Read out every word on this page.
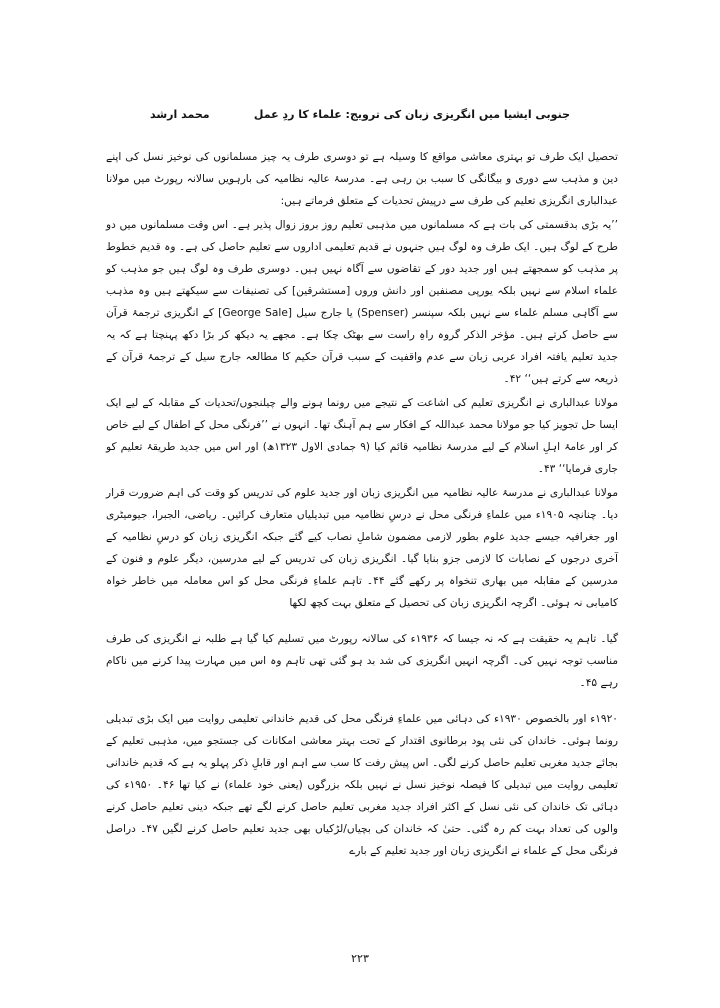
جنوبی ایشیا میں انگریزی زبان کی ترویج: علماء کا ردِ عمل
محمد ارشد

تحصیل ایک طرف تو بہتری معاشی مواقع کا وسیلہ ہے تو دوسری طرف یہ چیز مسلمانوں کی نوخیز نسل کی اپنے دین و مذہب سے دوری و بیگانگی کا سبب بن رہی ہے۔ مدرسۂ عالیہ نظامیہ کی بارہویں سالانہ رپورٹ میں مولانا عبدالباری انگریزی تعلیم کی طرف سے درپیش تحدیات کے متعلق فرماتے ہیں:

’’یہ بڑی بدقسمتی کی بات ہے کہ مسلمانوں میں مذہبی تعلیم روز بروز زوال پذیر ہے۔ اس وقت مسلمانوں میں دو طرح کے لوگ ہیں۔ ایک طرف وہ لوگ ہیں جنہوں نے قدیم تعلیمی اداروں سے تعلیم حاصل کی ہے۔ وہ قدیم خطوط پر مذہب کو سمجھتے ہیں اور جدید دور کے تقاضوں سے آگاہ نہیں ہیں۔ دوسری طرف وہ لوگ ہیں جو مذہب کو علماء اسلام سے نہیں بلکہ یورپی مصنفین اور دانش وروں [مستشرقین] کی تصنیفات سے سیکھتے ہیں وہ مذہب سے آگاہی مسلم علماء سے نہیں بلکہ سپنسر (Spenser) یا جارج سیل [George Sale] کے انگریزی ترجمۂ قرآن سے حاصل کرتے ہیں۔ مؤخر الذکر گروہ راہِ راست سے بھٹک چکا ہے۔ مجھے یہ دیکھ کر بڑا دکھ پہنچتا ہے کہ یہ جدید تعلیم یافتہ افراد عربی زبان سے عدم واقفیت کے سبب قرآن حکیم کا مطالعہ جارج سیل کے ترجمۂ قرآن کے ذریعہ سے کرتے ہیں‘‘ ۴۲۔

مولانا عبدالباری نے انگریزی تعلیم کی اشاعت کے نتیجے میں رونما ہونے والے چیلنجوں/تحدیات کے مقابلہ کے لیے ایک ایسا حل تجویز کیا جو مولانا محمد عبداللہ کے افکار سے ہم آہنگ تھا۔ انہوں نے ’’فرنگی محل کے اطفال کے لیے خاص کر اور عامۂ اہلِ اسلام کے لیے مدرسۂ نظامیہ قائم کیا (۹ جمادی الاول ۱۳۲۳ھ) اور اس میں جدید طریقۂ تعلیم کو جاری فرمایا‘‘ ۴۳۔

مولانا عبدالباری نے مدرسۂ عالیہ نظامیہ میں انگریزی زبان اور جدید علوم کی تدریس کو وقت کی اہم ضرورت قرار دیا۔ چنانچہ ۱۹۰۵ء میں علماءِ فرنگی محل نے درسِ نظامیہ میں تبدیلیاں متعارف کرائیں۔ ریاضی، الجبرا، جیومیٹری اور جغرافیہ جیسے جدید علوم بطور لازمی مضمون شاملِ نصاب کیے گئے جبکہ انگریزی زبان کو درسِ نظامیہ کے آخری درجوں کے نصابات کا لازمی جزو بنایا گیا۔ انگریزی زبان کی تدریس کے لیے مدرسین، دیگر علوم و فنون کے مدرسین کے مقابلہ میں بھاری تنخواہ پر رکھے گئے ۴۴۔ تاہم علماءِ فرنگی محل کو اس معاملہ میں خاطر خواہ کامیابی نہ ہوئی۔ اگرچہ انگریزی زبان کی تحصیل کے متعلق بہت کچھ لکھا

گیا۔ تاہم یہ حقیقت ہے کہ نہ جیسا کہ ۱۹۳۶ء کی سالانہ رپورٹ میں تسلیم کیا گیا ہے طلبہ نے انگریزی کی طرف مناسب توجہ نہیں کی۔ اگرچہ انہیں انگریزی کی شد بد ہو گئی تھی تاہم وہ اس میں مہارت پیدا کرنے میں ناکام رہے ۴۵۔

۱۹۲۰ء اور بالخصوص ۱۹۳۰ء کی دہائی میں علماءِ فرنگی محل کی قدیم خاندانی تعلیمی روایت میں ایک بڑی تبدیلی رونما ہوئی۔ خاندان کی نئی پود برطانوی اقتدار کے تحت بہتر معاشی امکانات کی جستجو میں، مذہبی تعلیم کے بجائے جدید مغربی تعلیم حاصل کرنے لگی۔ اس پیش رفت کا سب سے اہم اور قابلِ ذکر پہلو یہ ہے کہ قدیم خاندانی تعلیمی روایت میں تبدیلی کا فیصلہ نوخیز نسل نے نہیں بلکہ بزرگوں (یعنی خود علماء) نے کیا تھا ۴۶۔ ۱۹۵۰ء کی دہائی تک خاندان کی نئی نسل کے اکثر افراد جدید مغربی تعلیم حاصل کرنے لگے تھے جبکہ دینی تعلیم حاصل کرنے والوں کی تعداد بہت کم رہ گئی۔ حتیٰ کہ خاندان کی بچیاں/لڑکیاں بھی جدید تعلیم حاصل کرنے لگیں ۴۷۔ دراصل فرنگی محل کے علماء نے انگریزی زبان اور جدید تعلیم کے بارے

۲۲۳
